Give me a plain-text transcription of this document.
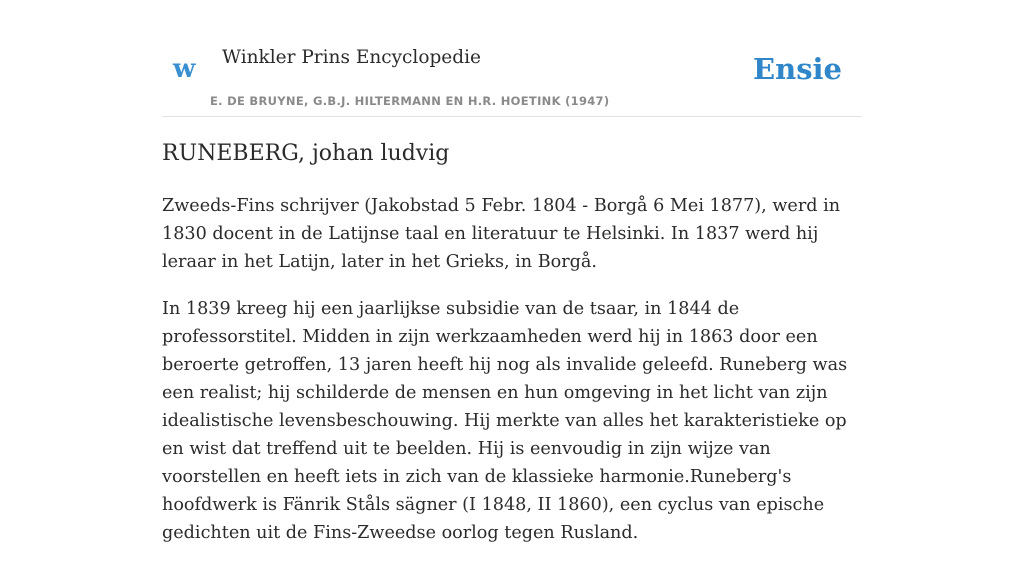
w Winkler Prins Encyclopedie
E. DE BRUYNE, G.B.J. HILTERMANN EN H.R. HOETINK (1947)
Ensie
RUNEBERG, johan ludvig

Zweeds-Fins schrijver (Jakobstad 5 Febr. 1804 - Borgå 6 Mei 1877), werd in 1830 docent in de Latijnse taal en literatuur te Helsinki. In 1837 werd hij leraar in het Latijn, later in het Grieks, in Borgå.

In 1839 kreeg hij een jaarlijkse subsidie van de tsaar, in 1844 de professorstitel. Midden in zijn werkzaamheden werd hij in 1863 door een beroerte getroffen, 13 jaren heeft hij nog als invalide geleefd. Runeberg was een realist; hij schilderde de mensen en hun omgeving in het licht van zijn idealistische levensbeschouwing. Hij merkte van alles het karakteristieke op en wist dat treffend uit te beelden. Hij is eenvoudig in zijn wijze van voorstellen en heeft iets in zich van de klassieke harmonie.Runeberg's hoofdwerk is Fänrik Ståls sägner (I 1848, II 1860), een cyclus van epische gedichten uit de Fins-Zweedse oorlog tegen Rusland.
